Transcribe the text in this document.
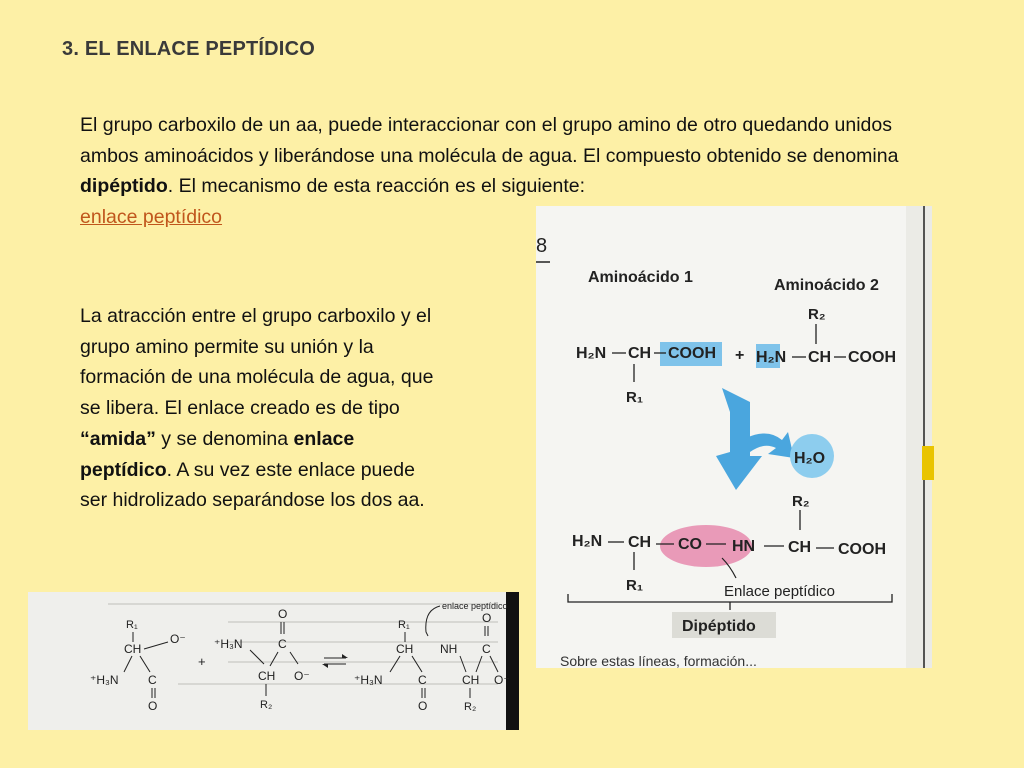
3. EL ENLACE PEPTÍDICO
El grupo carboxilo de un aa, puede interaccionar con el grupo amino de otro quedando unidos ambos aminoácidos y liberándose una molécula de agua. El compuesto obtenido se denomina dipéptido. El mecanismo de esta reacción es el siguiente:
enlace peptídico
La atracción entre el grupo carboxilo y el grupo amino permite su unión y la formación de una molécula de agua, que se libera. El enlace creado es de tipo “amida” y se denomina enlace peptídico. A su vez este enlace puede ser hidrolizado separándose los dos aa.
8
Aminoácido 1	Aminoácido 2
R₂
H₂N CH COOH + H₂N CH COOH
R₁
H₂O
R₂
H₂N CH CO HN CH COOH
R₁	Enlace peptídico
Dipéptido
Sobre estas líneas, formación...
R₁
CH
O⁻
⁺H₃N C
O
+
O
⁺H₃N	C
CH O⁻
R₂
enlace peptídico
R₁	O
CH NH C
⁺H₃N	C	CH O⁻
O	R₂
